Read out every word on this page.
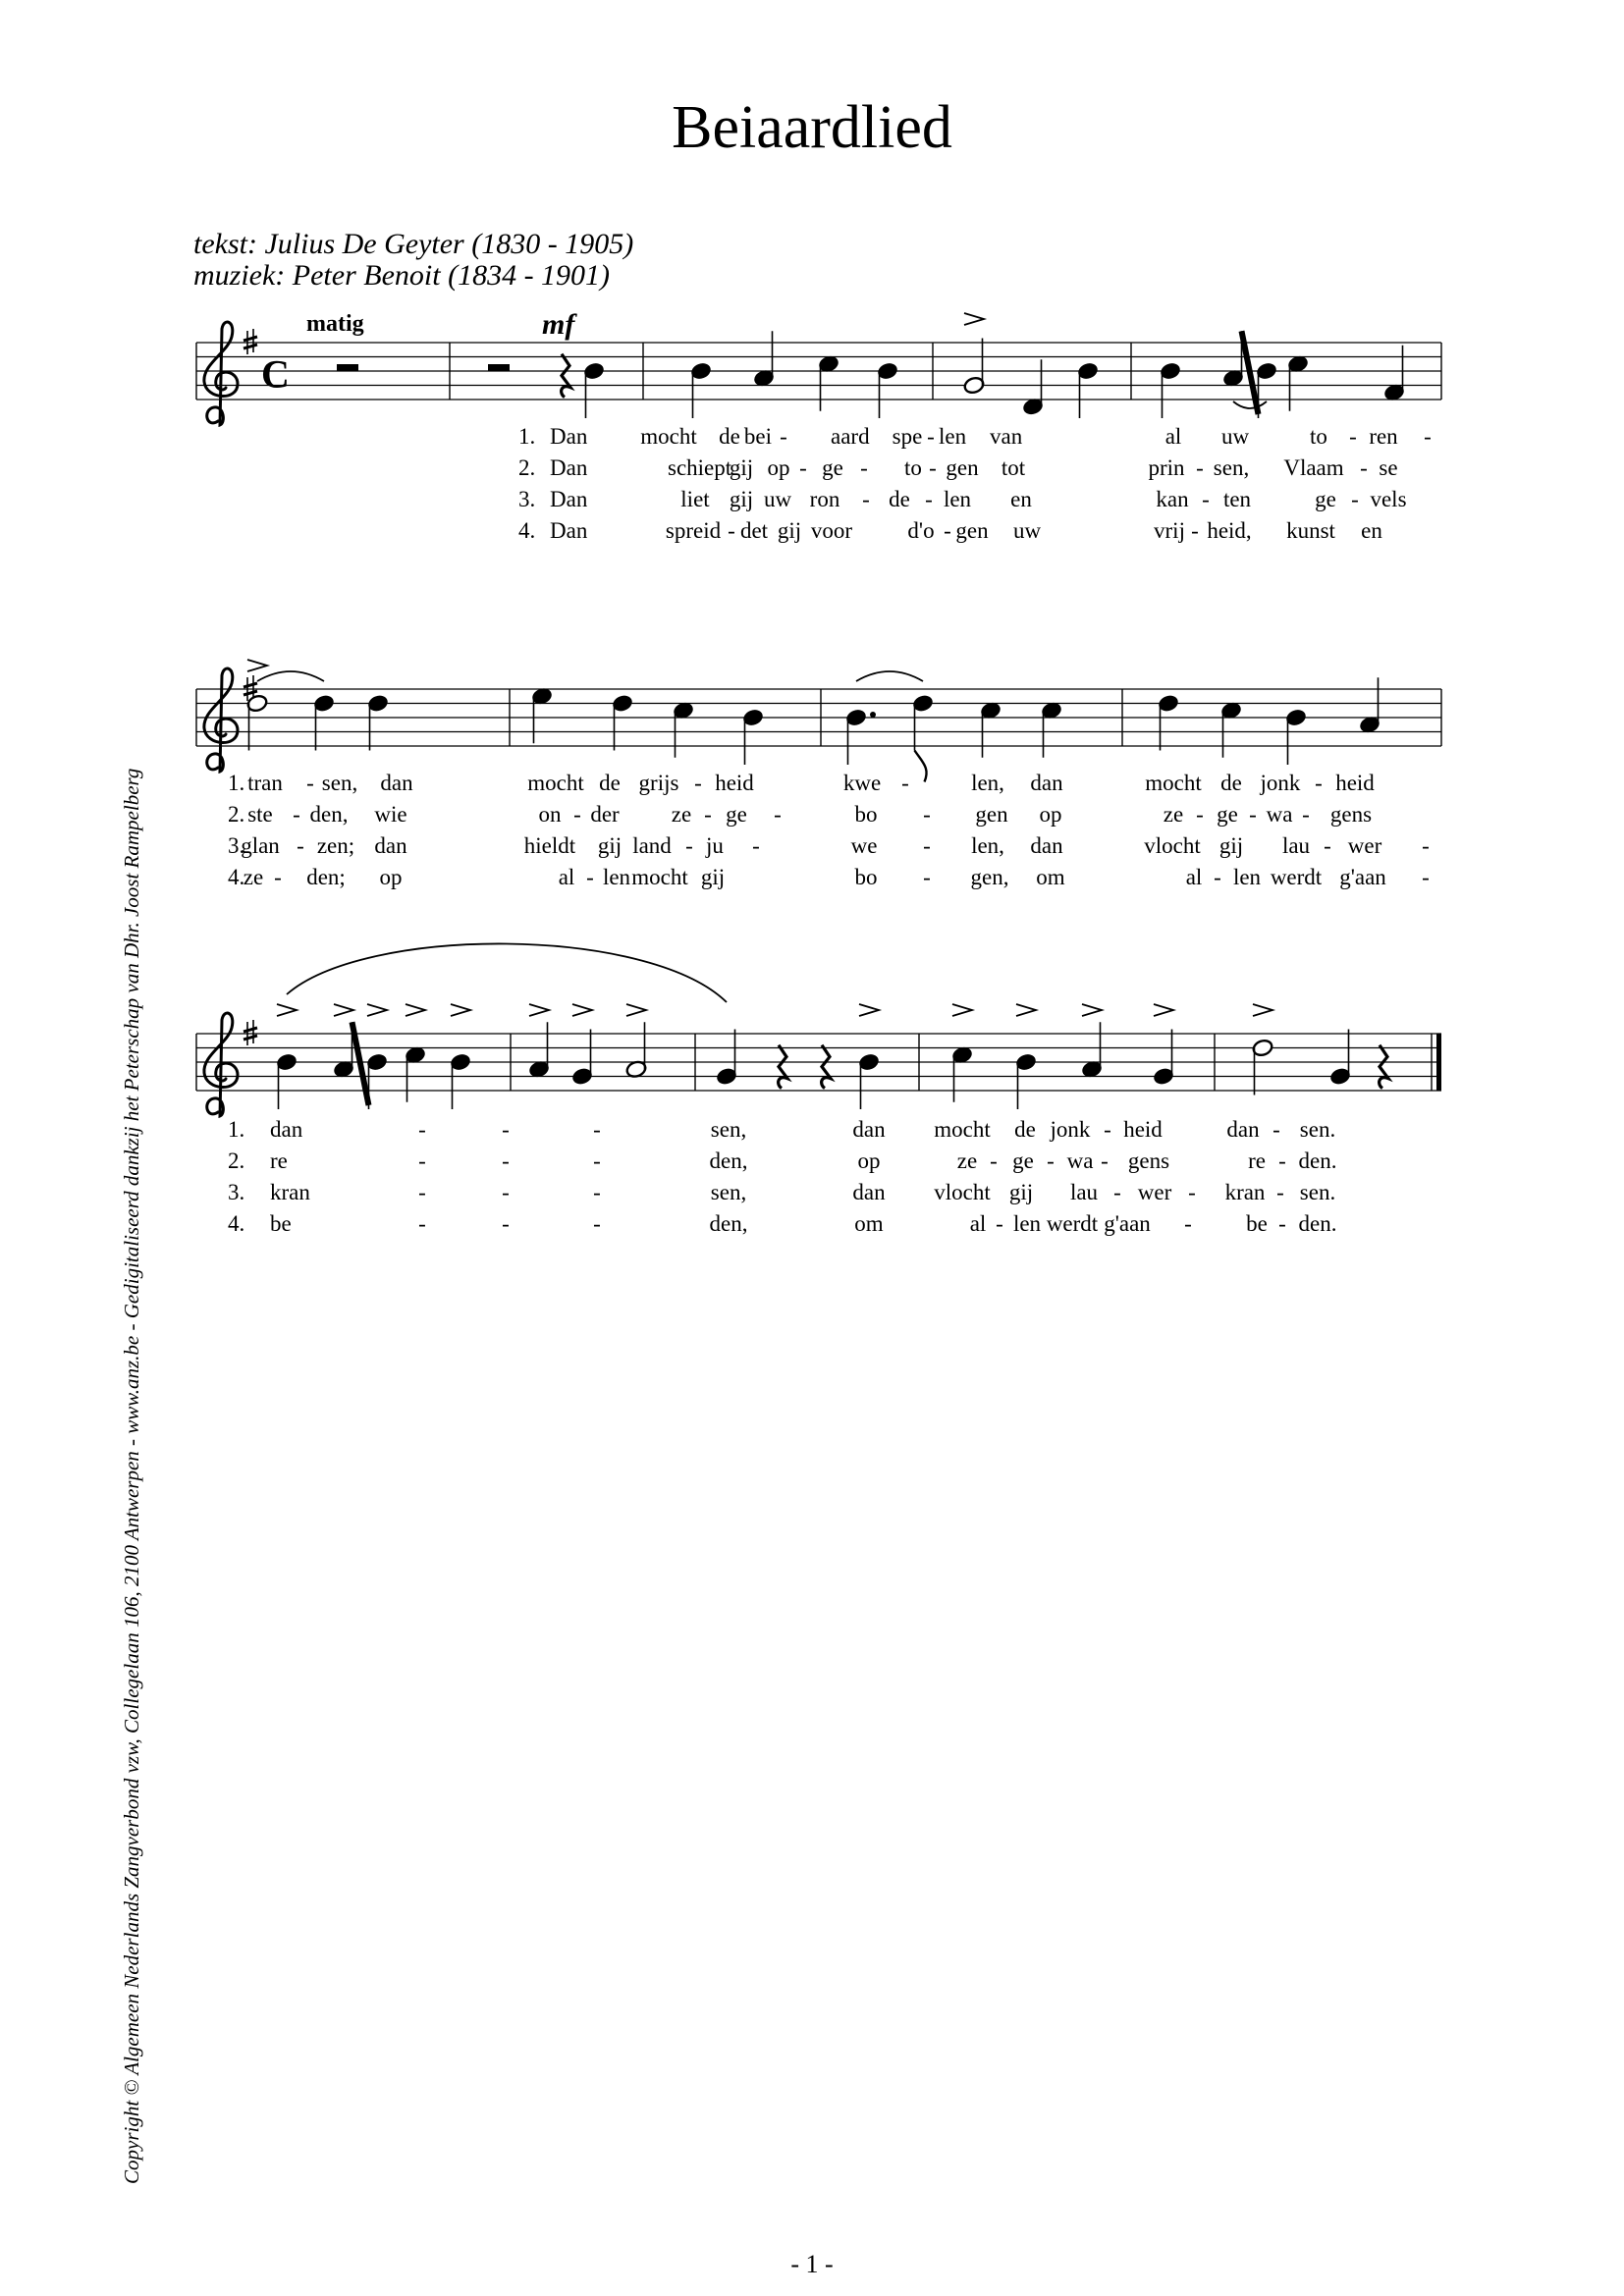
Beiaardlied
tekst: Julius De Geyter (1830 - 1905)
muziek: Peter Benoit (1834 - 1901)
C
matig	mf
1. Dan mocht de bei - aard spe - len van	al uw	to - ren -
2. Dan	schiept
gij op - ge - to - gen tot	prin - sen, Vlaam - se
3. Dan	liet gij uw ron - de - len en	kan - ten	ge - vels
4. Dan	spreid - det gij voor d'o - gen uw	vrij - heid, kunst en
1. tran - sen, dan	mocht de grijs - heid	kwe -	len, dan	mocht de jonk - heid
2. ste - den, wie	on - der ze - ge -	bo - gen op	ze - ge - wa - gens
3.
glan - zen; dan	hieldt gij land - ju -	we - len, dan	vlocht gij lau - wer -
4.
ze - den; op	al - len mocht gij	bo - gen, om	al - len werdt g'aan -
1. dan	-	-	-	sen,	dan mocht de jonk - heid	dan - sen.
2. re	-	-	-	den,	op	ze - ge - wa - gens	re - den.
3. kran	-	-	-	sen,	dan vlocht gij lau - wer - kran - sen.
4. be	-	-	-	den,	om	al - len werdt g'aan - be - den.
Copyright © Algemeen Nederlands Zangverbond vzw, Collegelaan 106, 2100 Antwerpen - www.anz.be - Gedigitaliseerd dankzij het Peterschap van Dhr. Joost Rampelberg
- 1 -
